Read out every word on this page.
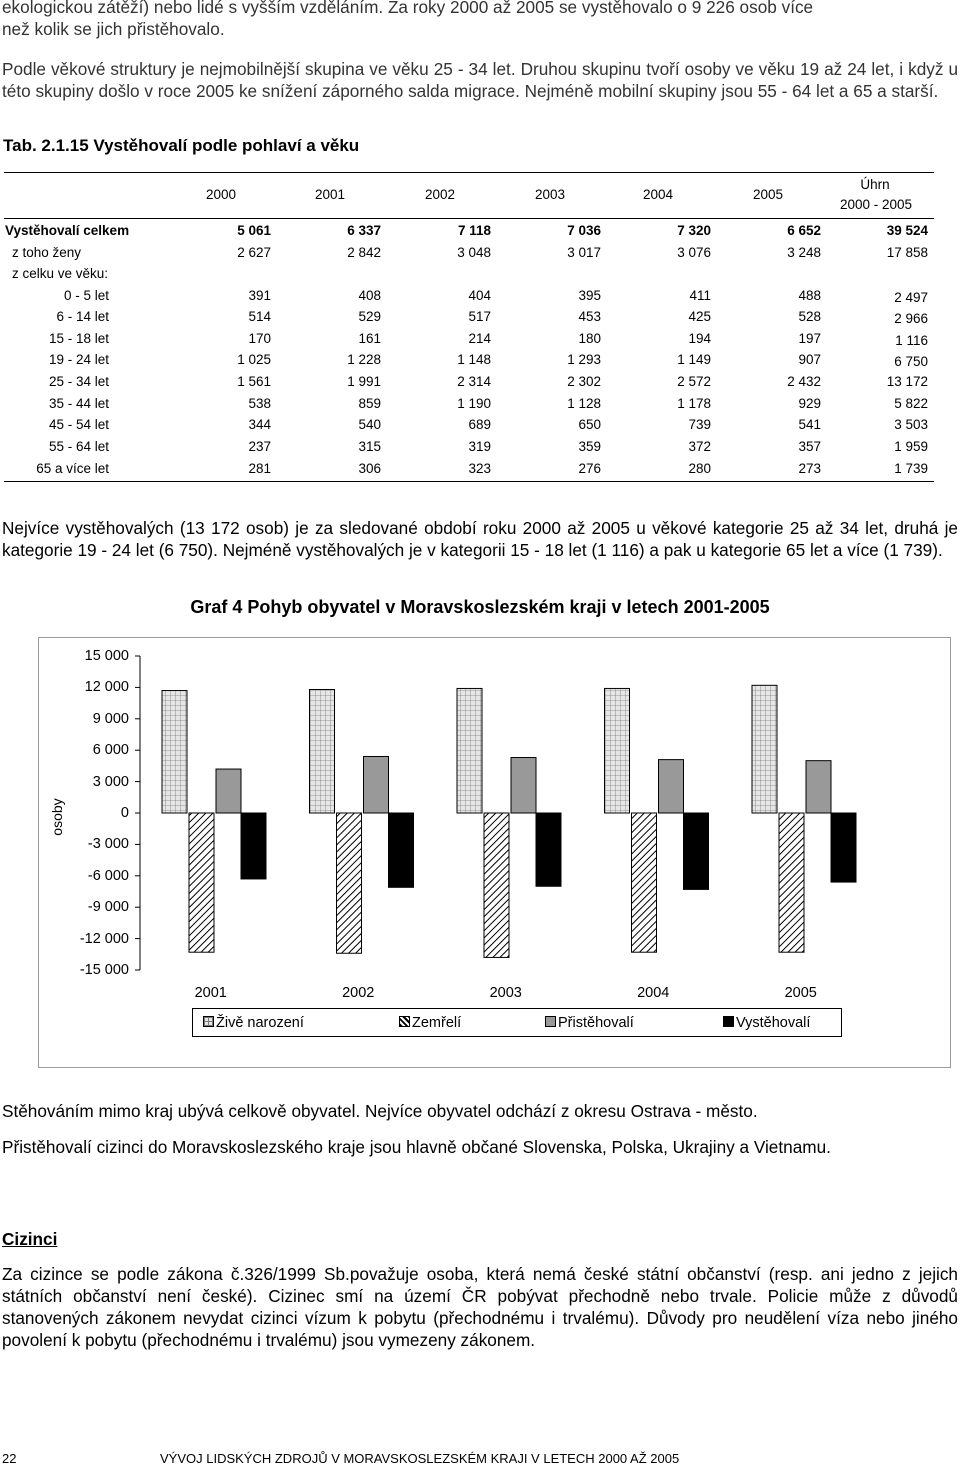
ekologickou zátěží) nebo lidé s vyšším vzděláním. Za roky 2000 až 2005 se vystěhovalo o 9 226 osob více
než kolik se jich přistěhovalo.
Podle věkové struktury je nejmobilnější skupina ve věku 25 - 34 let. Druhou skupinu tvoří osoby ve věku 19 až 24 let, i když u této skupiny došlo v roce 2005 ke snížení záporného salda migrace. Nejméně mobilní skupiny jsou 55 - 64 let a 65 a starší.
Tab. 2.1.15 Vystěhovalí podle pohlaví a věku
2000	2001	2002	2003	2004	2005
Úhrn
2000 - 2005
Vystěhovalí celkem	5 061	6 337	7 118	7 036	7 320	6 652	39 524
z toho ženy	2 627	2 842	3 048	3 017	3 076	3 248	17 858
z celku ve věku:
0 - 5 let	391	408	404	395	411	488	2 497
6 - 14 let	514	529	517	453	425	528	2 966
15 - 18 let	170	161	214	180	194	197	1 116
19 - 24 let	1 025	1 228	1 148	1 293	1 149	907	6 750
25 - 34 let	1 561	1 991	2 314	2 302	2 572	2 432	13 172
35 - 44 let	538	859	1 190	1 128	1 178	929	5 822
45 - 54 let	344	540	689	650	739	541	3 503
55 - 64 let	237	315	319	359	372	357	1 959
65 a více let	281	306	323	276	280	273	1 739
Nejvíce vystěhovalých (13 172 osob) je za sledované období roku 2000 až 2005 u věkové kategorie 25 až 34 let, druhá je kategorie 19 - 24 let (6 750). Nejméně vystěhovalých je v kategorii 15 - 18 let (1 116) a pak u kategorie 65 let a více (1 739).
Graf 4 Pohyb obyvatel v Moravskoslezském kraji v letech 2001-2005
osoby
15 000
12 000
9 000
6 000
3 000
0
-3 000
-6 000
-9 000
-12 000
-15 000
2001	2002	2003	2004	2005
Živě narození	Zemřelí	Přistěhovalí	Vystěhovalí
Stěhováním mimo kraj ubývá celkově obyvatel. Nejvíce obyvatel odchází z okresu Ostrava - město.
Přistěhovalí cizinci do Moravskoslezského kraje jsou hlavně občané Slovenska, Polska, Ukrajiny a Vietnamu.
Cizinci
Za cizince se podle zákona č.326/1999 Sb.považuje osoba, která nemá české státní občanství (resp. ani jedno z jejich státních občanství není české). Cizinec smí na území ČR pobývat přechodně nebo trvale. Policie může z důvodů stanovených zákonem nevydat cizinci vízum k pobytu (přechodnému i trvalému). Důvody pro neudělení víza nebo jiného povolení k pobytu (přechodnému i trvalému) jsou vymezeny zákonem.
22	VÝVOJ LIDSKÝCH ZDROJŮ V MORAVSKOSLEZSKÉM KRAJI V LETECH 2000 AŽ 2005
